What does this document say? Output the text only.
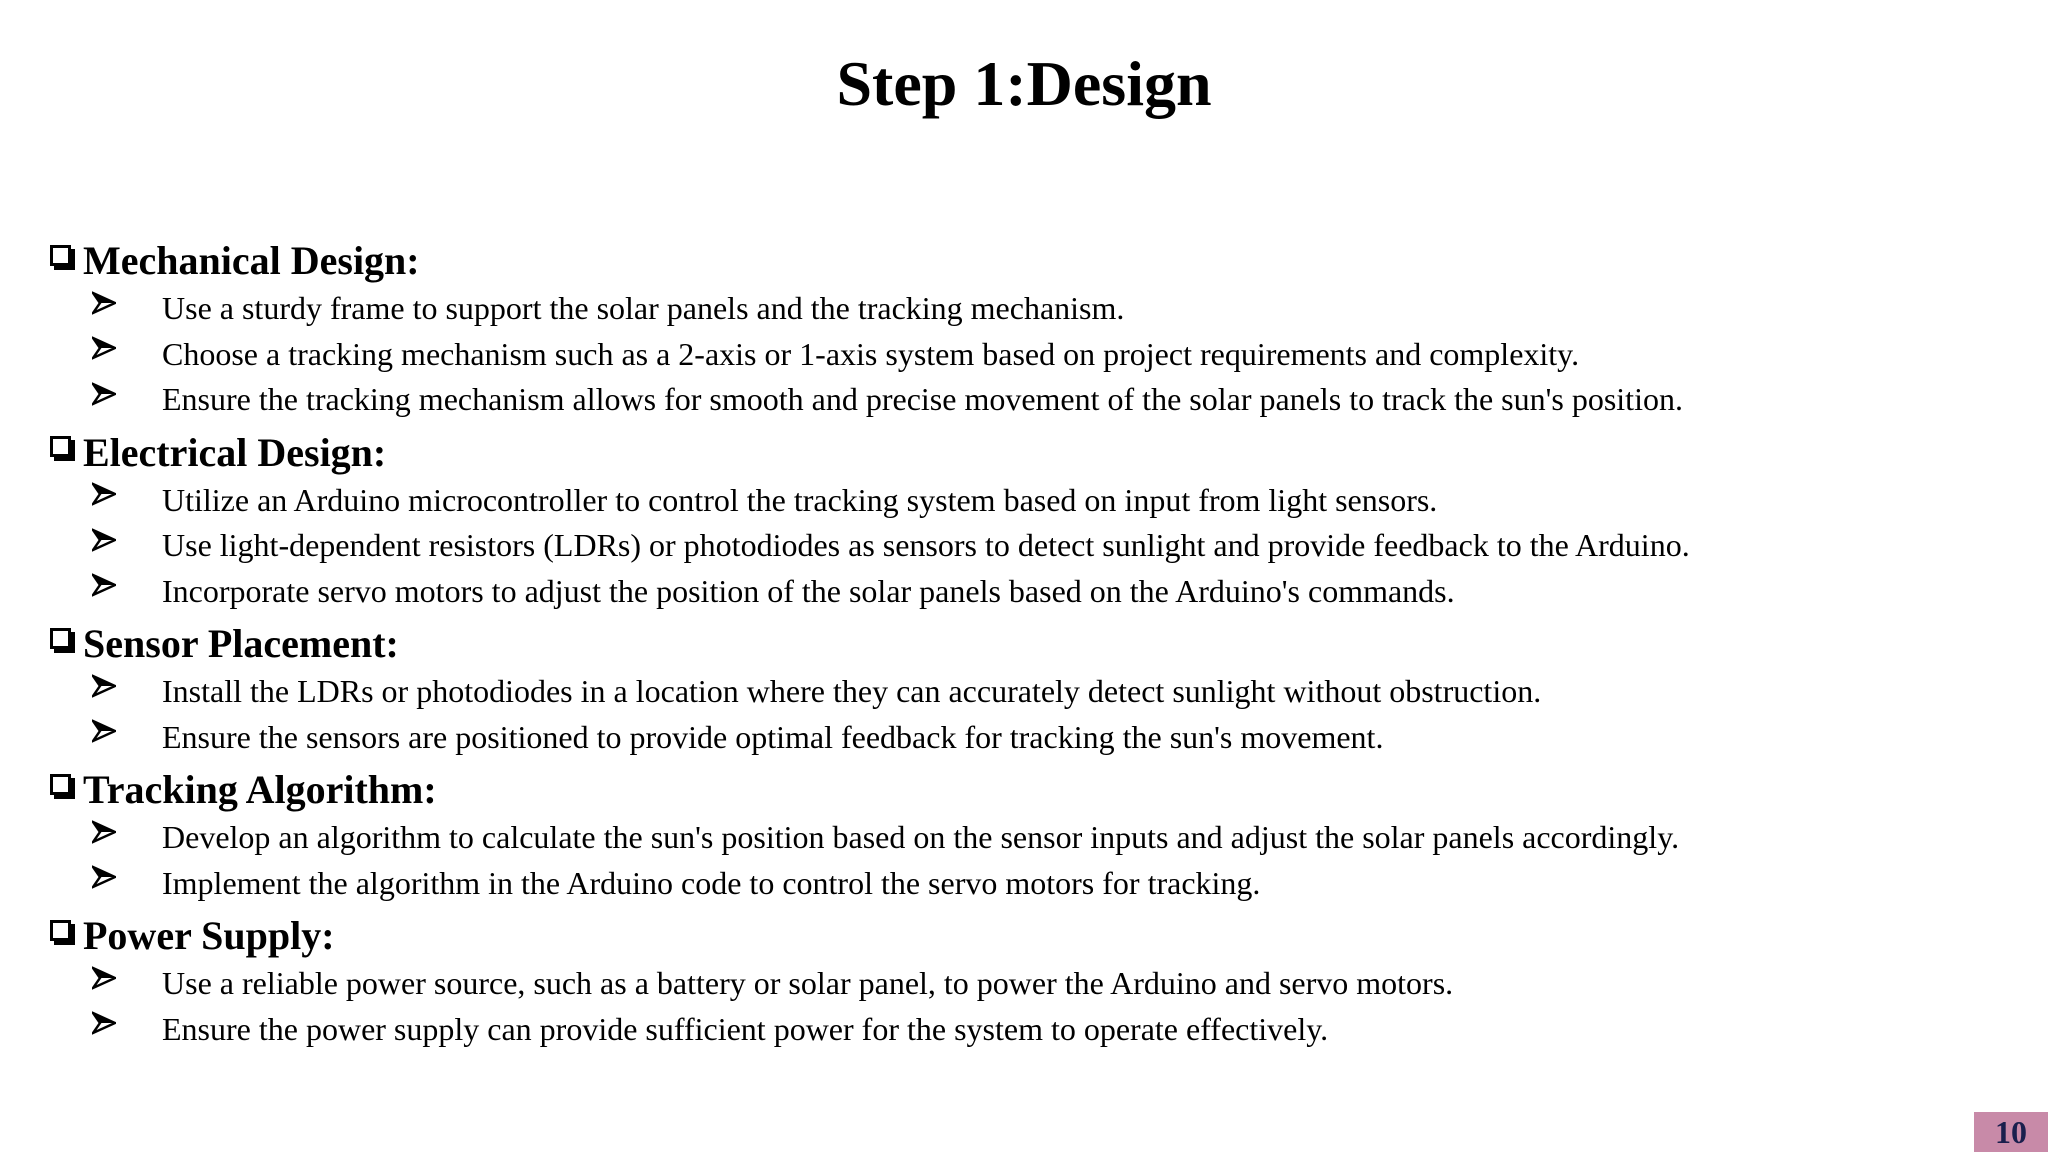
Step 1:Design
Mechanical Design:
Use a sturdy frame to support the solar panels and the tracking mechanism.
Choose a tracking mechanism such as a 2-axis or 1-axis system based on project requirements and complexity.
Ensure the tracking mechanism allows for smooth and precise movement of the solar panels to track the sun's position.
Electrical Design:
Utilize an Arduino microcontroller to control the tracking system based on input from light sensors.
Use light-dependent resistors (LDRs) or photodiodes as sensors to detect sunlight and provide feedback to the Arduino.
Incorporate servo motors to adjust the position of the solar panels based on the Arduino's commands.
Sensor Placement:
Install the LDRs or photodiodes in a location where they can accurately detect sunlight without obstruction.
Ensure the sensors are positioned to provide optimal feedback for tracking the sun's movement.
Tracking Algorithm:
Develop an algorithm to calculate the sun's position based on the sensor inputs and adjust the solar panels accordingly.
Implement the algorithm in the Arduino code to control the servo motors for tracking.
Power Supply:
Use a reliable power source, such as a battery or solar panel, to power the Arduino and servo motors.
Ensure the power supply can provide sufficient power for the system to operate effectively.
10
